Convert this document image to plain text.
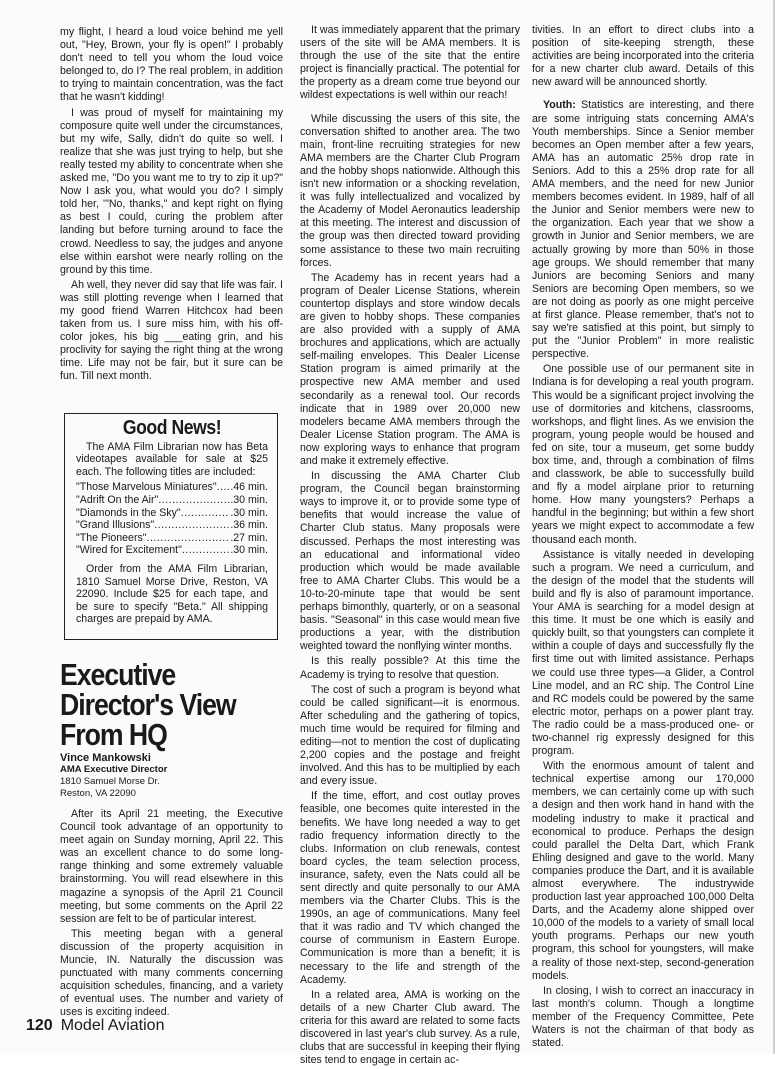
my flight, I heard a loud voice behind me yell out, "Hey, Brown, your fly is open!" I probably don't need to tell you whom the loud voice belonged to, do I? The real problem, in addition to trying to maintain concentration, was the fact that he wasn't kidding!

I was proud of myself for maintaining my composure quite well under the circumstances, but my wife, Sally, didn't do quite so well. I realize that she was just trying to help, but she really tested my ability to concentrate when she asked me, "Do you want me to try to zip it up?" Now I ask you, what would you do? I simply told her, '"No, thanks," and kept right on flying as best I could, curing the problem after landing but before turning around to face the crowd. Needless to say, the judges and anyone else within earshot were nearly rolling on the ground by this time.

Ah well, they never did say that life was fair. I was still plotting revenge when I learned that my good friend Warren Hitchcox had been taken from us. I sure miss him, with his off-color jokes, his big ___eating grin, and his proclivity for saying the right thing at the wrong time. Life may not be fair, but it sure can be fun. Till next month.

Good News!

The AMA Film Librarian now has Beta videotapes available for sale at $25 each. The following titles are included:

"Those Marvelous Miniatures" ..... .46 min.
"Adrift On the Air" .....	.30 min.
"Diamonds in the Sky" .....	.30 min.
"Grand Illusions" .....	.36 min.
"The Pioneers" .....	.27 min.
"Wired for Excitement" .....	.30 min.

Order from the AMA Film Librarian, 1810 Samuel Morse Drive, Reston, VA 22090. Include $25 for each tape, and be sure to specify "Beta." All shipping charges are prepaid by AMA.

Executive Director's View From HQ
Vince Mankowski
AMA Executive Director
1810 Samuel Morse Dr.
Reston, VA 22090

After its April 21 meeting, the Executive Council took advantage of an opportunity to meet again on Sunday morning, April 22. This was an excellent chance to do some long-range thinking and some extremely valuable brainstorming. You will read elsewhere in this magazine a synopsis of the April 21 Council meeting, but some comments on the April 22 session are felt to be of particular interest.

This meeting began with a general discussion of the property acquisition in Muncie, IN. Naturally the discussion was punctuated with many comments concerning acquisition schedules, financing, and a variety of eventual uses. The number and variety of uses is exciting indeed.

It was immediately apparent that the primary users of the site will be AMA members. It is through the use of the site that the entire project is financially practical. The potential for the property as a dream come true beyond our wildest expectations is well within our reach!

While discussing the users of this site, the conversation shifted to another area. The two main, front-line recruiting strategies for new AMA members are the Charter Club Program and the hobby shops nationwide. Although this isn't new information or a shocking revelation, it was fully intellectualized and vocalized by the Academy of Model Aeronautics leadership at this meeting. The interest and discussion of the group was then directed toward providing some assistance to these two main recruiting forces.

The Academy has in recent years had a program of Dealer License Stations, wherein countertop displays and store window decals are given to hobby shops. These companies are also provided with a supply of AMA brochures and applications, which are actually self-mailing envelopes. This Dealer License Station program is aimed primarily at the prospective new AMA member and used secondarily as a renewal tool. Our records indicate that in 1989 over 20,000 new modelers became AMA members through the Dealer License Station program. The AMA is now exploring ways to enhance that program and make it extremely effective.

In discussing the AMA Charter Club program, the Council began brainstorming ways to improve it, or to provide some type of benefits that would increase the value of Charter Club status. Many proposals were discussed. Perhaps the most interesting was an educational and informational video production which would be made available free to AMA Charter Clubs. This would be a 10-to-20-minute tape that would be sent perhaps bimonthly, quarterly, or on a seasonal basis. "Seasonal" in this case would mean five productions a year, with the distribution weighted toward the nonflying winter months.

Is this really possible? At this time the Academy is trying to resolve that question.

The cost of such a program is beyond what could be called significant—it is enormous. After scheduling and the gathering of topics, much time would be required for filming and editing—not to mention the cost of duplicating 2,200 copies and the postage and freight involved. And this has to be multiplied by each and every issue.

If the time, effort, and cost outlay proves feasible, one becomes quite interested in the benefits. We have long needed a way to get radio frequency information directly to the clubs. Information on club renewals, contest board cycles, the team selection process, insurance, safety, even the Nats could all be sent directly and quite personally to our AMA members via the Charter Clubs. This is the 1990s, an age of communications. Many feel that it was radio and TV which changed the course of communism in Eastern Europe. Communication is more than a benefit; it is necessary to the life and strength of the Academy.

In a related area, AMA is working on the details of a new Charter Club award. The criteria for this award are related to some facts discovered in last year's club survey. As a rule, clubs that are successful in keeping their flying sites tend to engage in certain ac-

tivities. In an effort to direct clubs into a position of site-keeping strength, these activities are being incorporated into the criteria for a new charter club award. Details of this new award will be announced shortly.

Youth: Statistics are interesting, and there are some intriguing stats concerning AMA's Youth memberships. Since a Senior member becomes an Open member after a few years, AMA has an automatic 25% drop rate in Seniors. Add to this a 25% drop rate for all AMA members, and the need for new Junior members becomes evident. In 1989, half of all the Junior and Senior members were new to the organization. Each year that we show a growth in Junior and Senior members, we are actually growing by more than 50% in those age groups. We should remember that many Juniors are becoming Seniors and many Seniors are becoming Open members, so we are not doing as poorly as one might perceive at first glance. Please remember, that's not to say we're satisfied at this point, but simply to put the "Junior Problem" in more realistic perspective.

One possible use of our permanent site in Indiana is for developing a real youth program. This would be a significant project involving the use of dormitories and kitchens, classrooms, workshops, and flight lines. As we envision the program, young people would be housed and fed on site, tour a museum, get some buddy box time, and, through a combination of films and classwork, be able to successfully build and fly a model airplane prior to returning home. How many youngsters? Perhaps a handful in the beginning; but within a few short years we might expect to accommodate a few thousand each month.

Assistance is vitally needed in developing such a program. We need a curriculum, and the design of the model that the students will build and fly is also of paramount importance. Your AMA is searching for a model design at this time. It must be one which is easily and quickly built, so that youngsters can complete it within a couple of days and successfully fly the first time out with limited assistance. Perhaps we could use three types—a Glider, a Control Line model, and an RC ship. The Control Line and RC models could be powered by the same electric motor, perhaps on a power plant tray. The radio could be a mass-produced one- or two-channel rig expressly designed for this program.

With the enormous amount of talent and technical expertise among our 170,000 members, we can certainly come up with such a design and then work hand in hand with the modeling industry to make it practical and economical to produce. Perhaps the design could parallel the Delta Dart, which Frank Ehling designed and gave to the world. Many companies produce the Dart, and it is available almost everywhere. The industrywide production last year approached 100,000 Delta Darts, and the Academy alone shipped over 10,000 of the models to a variety of small local youth programs. Perhaps our new youth program, this school for youngsters, will make a reality of those next-step, second-generation models.

In closing, I wish to correct an inaccuracy in last month's column. Though a longtime member of the Frequency Committee, Pete Waters is not the chairman of that body as stated.

120 Model Aviation
